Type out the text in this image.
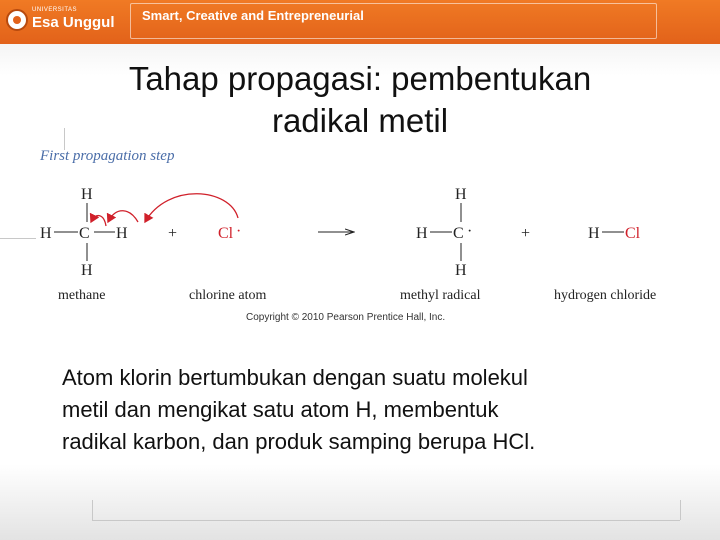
UNIVERSITAS
Esa Unggul Smart, Creative and Entrepreneurial
Tahap propagasi: pembentukan
radikal metil
First propagation step
H
H C H
H
+	Cl ·
H
H C ·
H
+	H Cl
methane	chlorine atom	methyl radical	hydrogen chloride
Copyright © 2010 Pearson Prentice Hall, Inc.
Atom klorin bertumbukan dengan suatu molekul
metil dan mengikat satu atom H, membentuk
radikal karbon, dan produk samping berupa HCl.
